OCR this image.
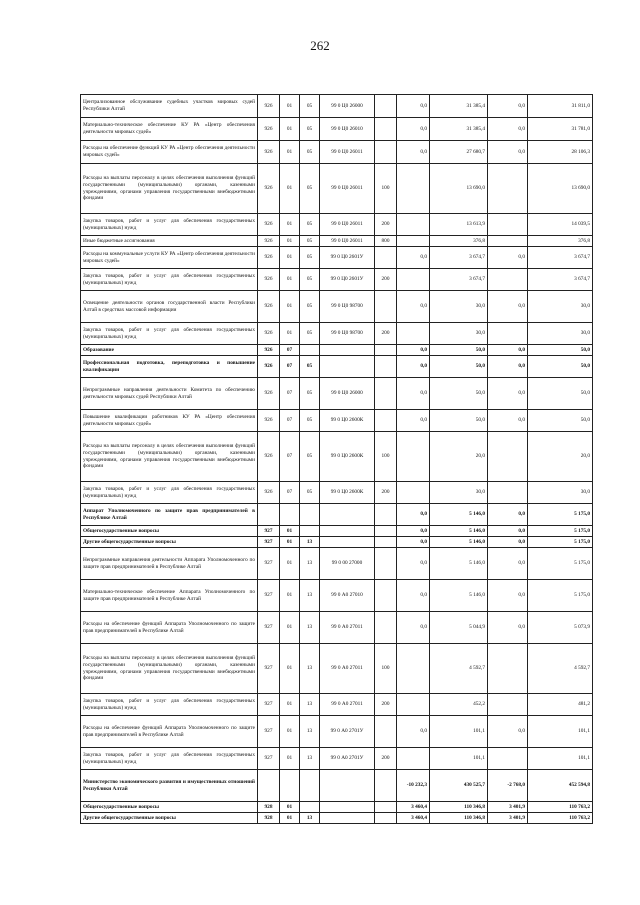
262
Централизованное обслуживание судебных участков мировых судей Республики Алтай	926	01	05	99 0 Ц0 26000		0,0	31 385,4	0,0	31 811,0
Материально-техническое обеспечение КУ РА «Центр обеспечения деятельности мировых судей»	926	01	05	99 0 Ц0 26010		0,0	31 385,4	0,0	31 781,0
Расходы на обеспечение функций КУ РА «Центр обеспечения деятельности мировых судей»	926	01	05	99 0 Ц0 26011		0,0	27 680,7	0,0	28 106,3
Расходы на выплаты персоналу в целях обеспечения выполнения функций государственными (муниципальными) органами, казенными учреждениями, органами управления государственными внебюджетными фондами	926	01	05	99 0 Ц0 26011	100		13 690,0		13 690,0
Закупка товаров, работ и услуг для обеспечения государственных (муниципальных) нужд	926	01	05	99 0 Ц0 26011	200		13 613,9		14 039,5
Иные бюджетные ассигнования	926	01	05	99 0 Ц0 26011	800		376,8		376,8
Расходы на коммунальные услуги КУ РА «Центр обеспечения деятельности мировых судей»	926	01	05	99 0 Ц0 2601У		0,0	3 674,7	0,0	3 674,7
Закупка товаров, работ и услуг для обеспечения государственных (муниципальных) нужд	926	01	05	99 0 Ц0 2601У	200		3 674,7		3 674,7
Освещение деятельности органов государственной власти Республики Алтай в средствах массовой информации	926	01	05	99 0 Ц0 98700		0,0	30,0	0,0	30,0
Закупка товаров, работ и услуг для обеспечения государственных (муниципальных) нужд	926	01	05	99 0 Ц0 98700	200		30,0		30,0
Образование	926	07				0,0	50,0	0,0	50,0
Профессиональная подготовка, переподготовка и повышение квалификации	926	07	05			0,0	50,0	0,0	50,0
Непрограммные направления деятельности Комитета по обеспечению деятельности мировых судей Республики Алтай	926	07	05	99 0 Ц0 26000		0,0	50,0	0,0	50,0
Повышение квалификации работников КУ РА «Центр обеспечения деятельности мировых судей»	926	07	05	99 0 Ц0 2600К		0,0	50,0	0,0	50,0
Расходы на выплаты персоналу в целях обеспечения выполнения функций государственными (муниципальными) органами, казенными учреждениями, органами управления государственными внебюджетными фондами	926	07	05	99 0 Ц0 2600К	100		20,0		20,0
Закупка товаров, работ и услуг для обеспечения государственных (муниципальных) нужд	926	07	05	99 0 Ц0 2600К	200		30,0		30,0
Аппарат Уполномоченного по защите прав предпринимателей в Республике Алтай						0,0	5 146,0	0,0	5 175,0
Общегосударственные вопросы	927	01				0,0	5 146,0	0,0	5 175,0
Другие общегосударственные вопросы	927	01	13			0,0	5 146,0	0,0	5 175,0
Непрограммные направления деятельности Аппарата Уполномоченного по защите прав предпринимателей в Республике Алтай	927	01	13	99 0 00 27000		0,0	5 146,0	0,0	5 175,0
Материально-техническое обеспечение Аппарата Уполномоченного по защите прав предпринимателей в Республике Алтай	927	01	13	99 0 А0 27010		0,0	5 146,0	0,0	5 175,0
Расходы на обеспечение функций Аппарата Уполномоченного по защите прав предпринимателей в Республике Алтай	927	01	13	99 0 А0 27011		0,0	5 044,9	0,0	5 073,9
Расходы на выплаты персоналу в целях обеспечения выполнения функций государственными (муниципальными) органами, казенными учреждениями, органами управления государственными внебюджетными фондами	927	01	13	99 0 А0 27011	100		4 592,7		4 592,7
Закупка товаров, работ и услуг для обеспечения государственных (муниципальных) нужд	927	01	13	99 0 А0 27011	200		452,2		481,2
Расходы на обеспечение функций Аппарата Уполномоченного по защите прав предпринимателей в Республике Алтай	927	01	13	99 0 А0 2701У		0,0	101,1	0,0	101,1
Закупка товаров, работ и услуг для обеспечения государственных (муниципальных) нужд	927	01	13	99 0 А0 2701У	200		101,1		101,1
Министерство экономического развития и имущественных отношений Республики Алтай						-10 232,3	430 525,7	-2 768,0	452 594,8
Общегосударственные вопросы	928	01				3 460,4	110 346,8	3 401,9	110 763,2
Другие общегосударственные вопросы	928	01	13			3 460,4	110 346,8	3 401,9	110 763,2
